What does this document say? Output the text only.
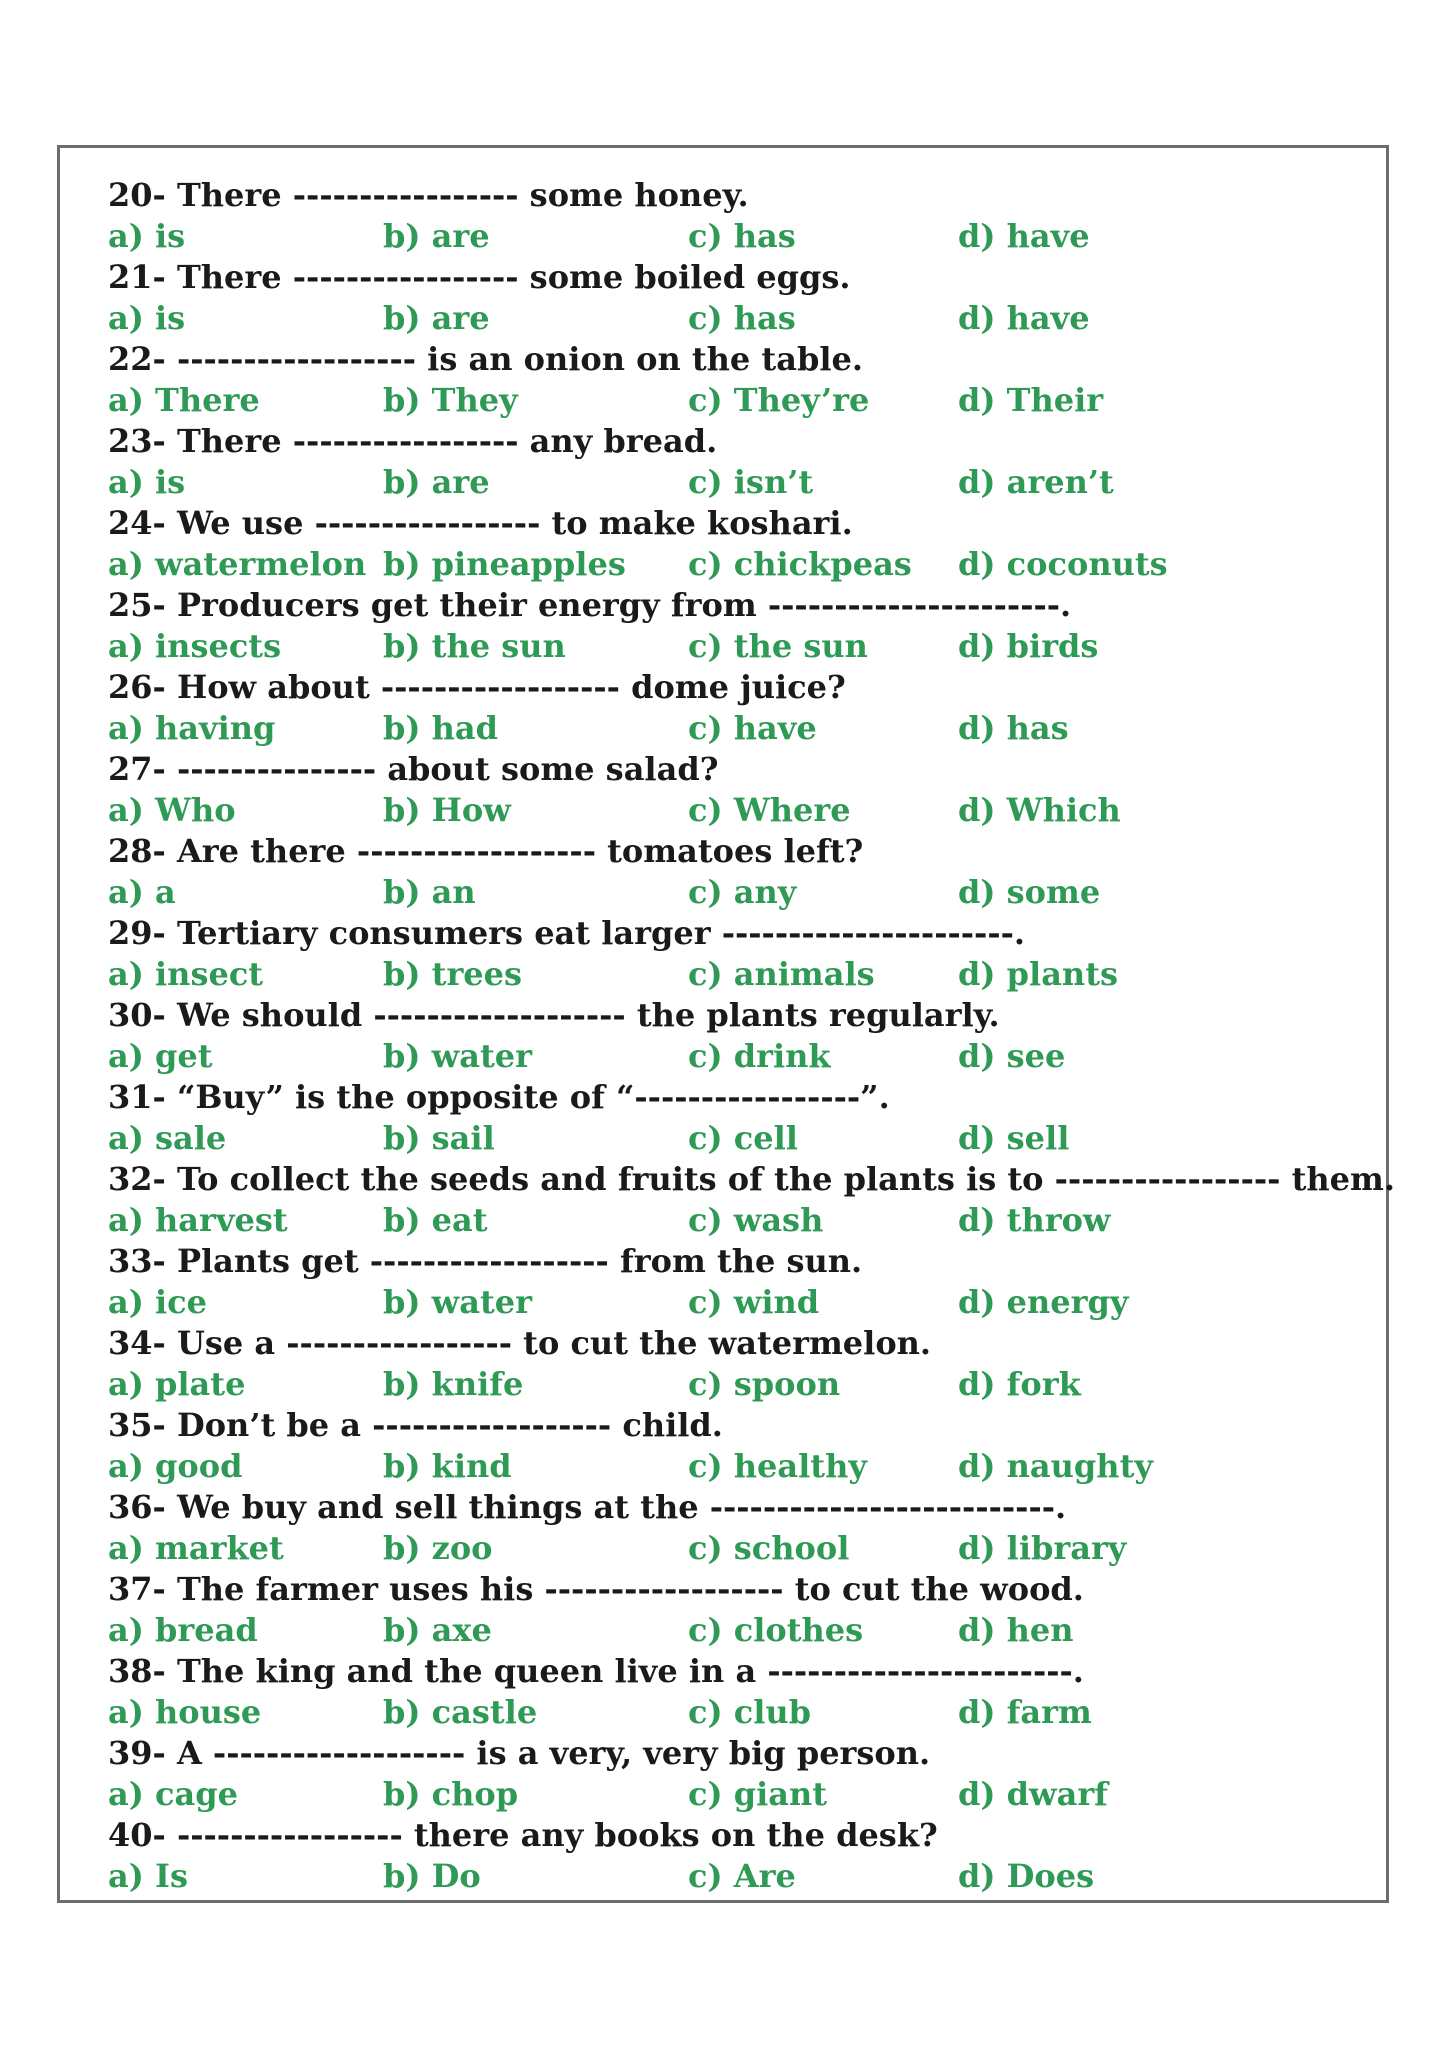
20- There ----------------- some honey.
a) is	b) are	c) has	d) have
21- There ----------------- some boiled eggs.
a) is	b) are	c) has	d) have
22- ------------------ is an onion on the table.
a) There	b) They	c) They’re	d) Their
23- There ----------------- any bread.
a) is	b) are	c) isn’t	d) aren’t
24- We use ----------------- to make koshari.
a) watermelon b) pineapples c) chickpeas d) coconuts
25- Producers get their energy from ----------------------.
a) insects	b) the sun	c) the sun	d) birds
26- How about ------------------ dome juice?
a) having	b) had	c) have	d) has
27- --------------- about some salad?
a) Who	b) How	c) Where	d) Which
28- Are there ------------------ tomatoes left?
a) a	b) an	c) any	d) some
29- Tertiary consumers eat larger ----------------------.
a) insect	b) trees	c) animals	d) plants
30- We should ------------------- the plants regularly.
a) get	b) water	c) drink	d) see
31- “Buy” is the opposite of “-----------------”.
a) sale	b) sail	c) cell	d) sell
32- To collect the seeds and fruits of the plants is to ----------------- them.
a) harvest	b) eat	c) wash	d) throw
33- Plants get ------------------ from the sun.
a) ice	b) water	c) wind	d) energy
34- Use a ----------------- to cut the watermelon.
a) plate	b) knife	c) spoon	d) fork
35- Don’t be a ------------------ child.
a) good	b) kind	c) healthy	d) naughty
36- We buy and sell things at the --------------------------.
a) market	b) zoo	c) school	d) library
37- The farmer uses his ------------------ to cut the wood.
a) bread	b) axe	c) clothes	d) hen
38- The king and the queen live in a -----------------------.
a) house	b) castle	c) club	d) farm
39- A ------------------- is a very, very big person.
a) cage	b) chop	c) giant	d) dwarf
40- ----------------- there any books on the desk?
a) Is	b) Do	c) Are	d) Does
